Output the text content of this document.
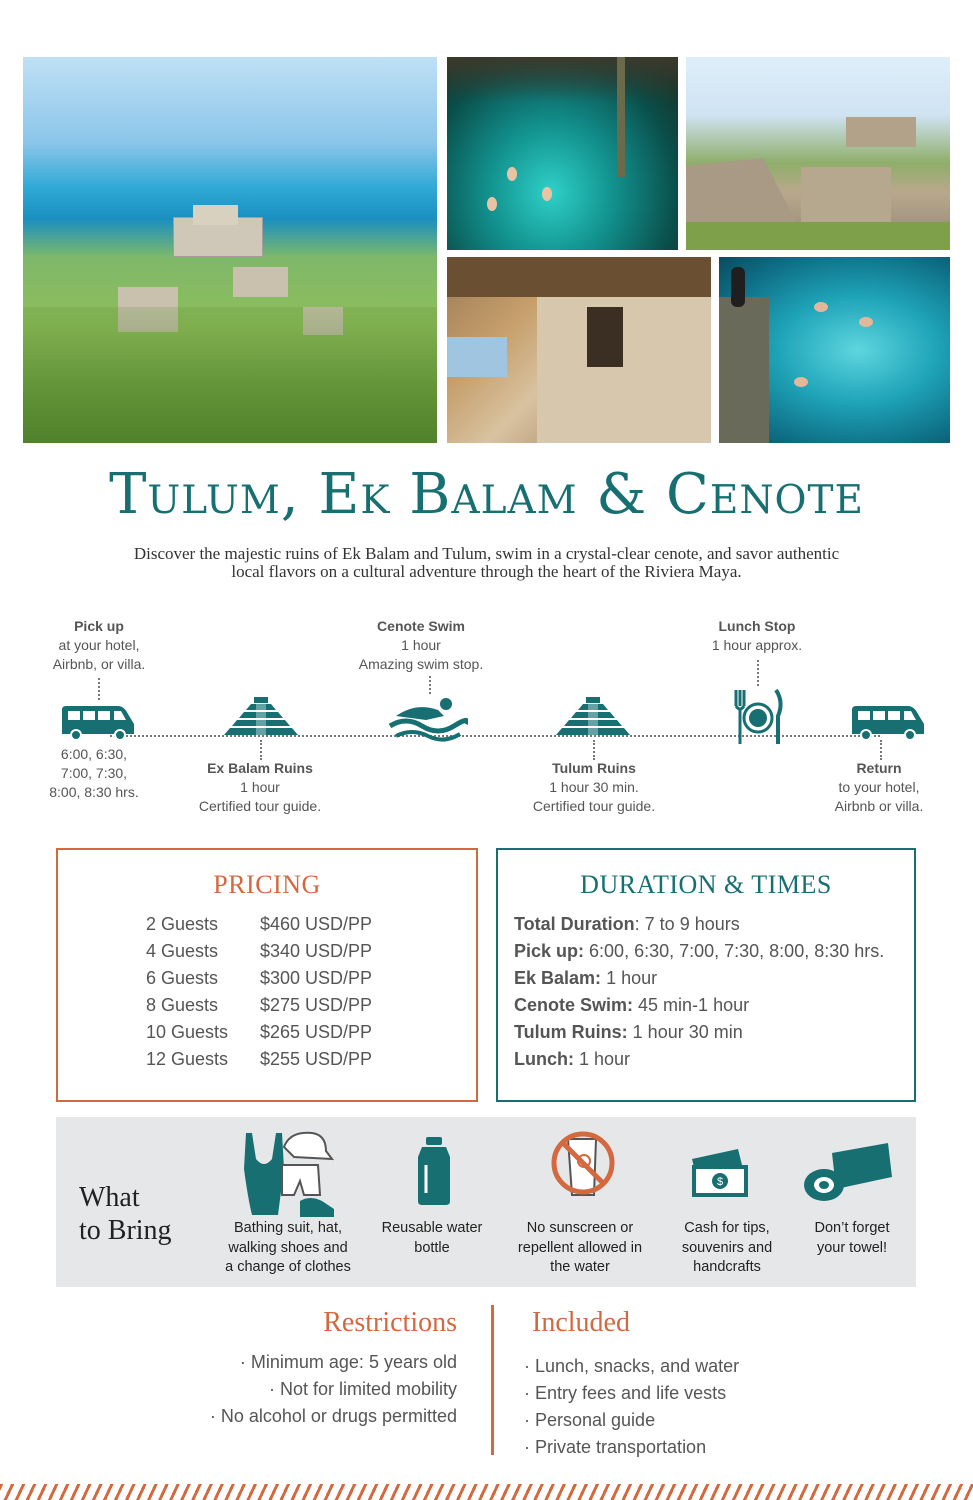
Tulum, Ek Balam & Cenote
Discover the majestic ruins of Ek Balam and Tulum, swim in a crystal-clear cenote, and savor authentic
local flavors on a cultural adventure through the heart of the Riviera Maya.
Pick up
at your hotel,
Airbnb, or villa.
6:00, 6:30,
7:00, 7:30,
8:00, 8:30 hrs.
Ex Balam Ruins
1 hour
Certified tour guide.
Cenote Swim
1 hour
Amazing swim stop.
Tulum Ruins
1 hour 30 min.
Certified tour guide.
Lunch Stop
1 hour approx.
Return
to your hotel,
Airbnb or villa.
PRICING
2 Guests $460 USD/PP
4 Guests $340 USD/PP
6 Guests $300 USD/PP
8 Guests $275 USD/PP
10 Guests $265 USD/PP
12 Guests $255 USD/PP
DURATION & TIMES
Total Duration: 7 to 9 hours
Pick up: 6:00, 6:30, 7:00, 7:30, 8:00, 8:30 hrs.
Ek Balam: 1 hour
Cenote Swim: 45 min-1 hour
Tulum Ruins: 1 hour 30 min
Lunch: 1 hour
What
to Bring	Bathing suit, hat,
walking shoes and
a change of clothes
Reusable water
bottle
No sunscreen or
repellent allowed in
the water
$
Cash for tips,
souvenirs and
handcrafts
Don’t forget
your towel!
Restrictions
· Minimum age: 5 years old
· Not for limited mobility
· No alcohol or drugs permitted
Included
· Lunch, snacks, and water
· Entry fees and life vests
· Personal guide
· Private transportation
